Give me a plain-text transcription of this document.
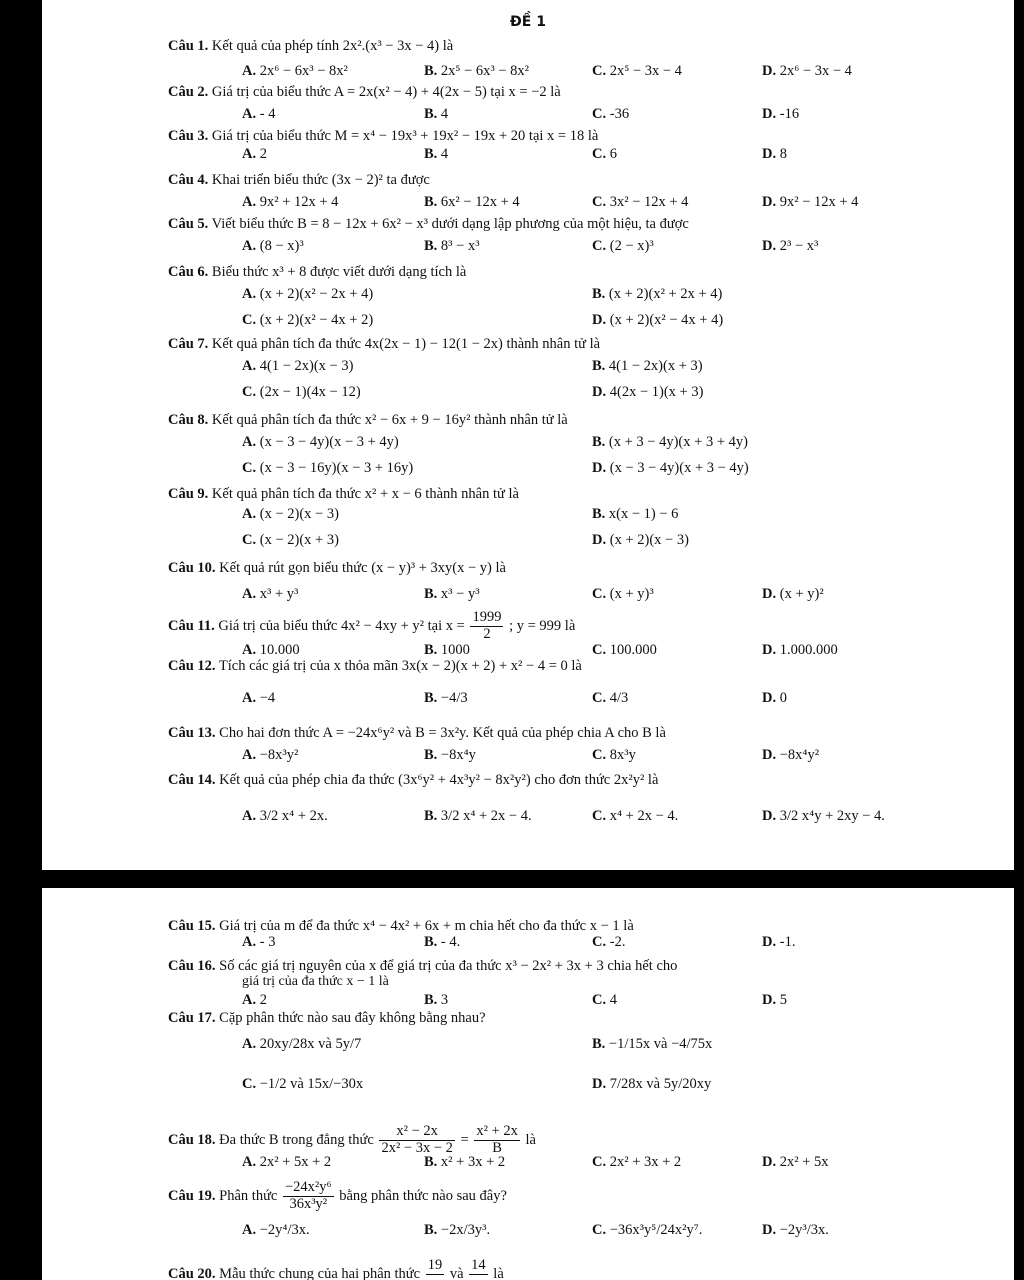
ĐỀ 1
Câu 1. Kết quả của phép tính 2x².(x³ − 3x − 4) là
A. 2x⁶ − 6x³ − 8x²	B. 2x⁵ − 6x³ − 8x²	C. 2x⁵ − 3x − 4	D. 2x⁶ − 3x − 4
Câu 2. Giá trị của biểu thức A = 2x(x² − 4) + 4(2x − 5) tại x = −2 là
A. - 4	B. 4	C. -36	D. -16
Câu 3. Giá trị của biểu thức M = x⁴ − 19x³ + 19x² − 19x + 20 tại x = 18 là
A. 2	B. 4	C. 6	D. 8
Câu 4. Khai triển biểu thức (3x − 2)² ta được
A. 9x² + 12x + 4	B. 6x² − 12x + 4	C. 3x² − 12x + 4	D. 9x² − 12x + 4
Câu 5. Viết biểu thức B = 8 − 12x + 6x² − x³ dưới dạng lập phương của một hiệu, ta được
A. (8 − x)³	B. 8³ − x³	C. (2 − x)³	D. 2³ − x³
Câu 6. Biểu thức x³ + 8 được viết dưới dạng tích là
A. (x + 2)(x² − 2x + 4)	B. (x + 2)(x² + 2x + 4)
C. (x + 2)(x² − 4x + 2)	D. (x + 2)(x² − 4x + 4)
Câu 7. Kết quả phân tích đa thức 4x(2x − 1) − 12(1 − 2x) thành nhân tử là
A. 4(1 − 2x)(x − 3)	B. 4(1 − 2x)(x + 3)
C. (2x − 1)(4x − 12)	D. 4(2x − 1)(x + 3)
Câu 8. Kết quả phân tích đa thức x² − 6x + 9 − 16y² thành nhân tử là
A. (x − 3 − 4y)(x − 3 + 4y)	B. (x + 3 − 4y)(x + 3 + 4y)
C. (x − 3 − 16y)(x − 3 + 16y)	D. (x − 3 − 4y)(x + 3 − 4y)
Câu 9. Kết quả phân tích đa thức x² + x − 6 thành nhân tử là
A. (x − 2)(x − 3)	B. x(x − 1) − 6
C. (x − 2)(x + 3)	D. (x + 2)(x − 3)
Câu 10. Kết quả rút gọn biểu thức (x − y)³ + 3xy(x − y) là
A. x³ + y³	B. x³ − y³	C. (x + y)³	D. (x + y)²
Câu 11. Giá trị của biểu thức 4x² − 4xy + y² tại $x = \frac{1999}{2}$ ; y = 999 là
A. 10.000	B. 1000	C. 100.000	D. 1.000.000
Câu 12. Tích các giá trị của x thỏa mãn 3x(x − 2)(x + 2) + x² − 4 = 0 là
A. −4	B. −4/3	C. 4/3	D. 0
Câu 13. Cho hai đơn thức A = −24x⁶y² và B = 3x²y. Kết quả của phép chia A cho B là
A. −8x³y²	B. −8x⁴y	C. 8x³y	D. −8x⁴y²
Câu 14. Kết quả của phép chia đa thức (3x⁶y² + 4x³y² − 8x²y²) cho đơn thức 2x²y² là
A. 3/2 x⁴ + 2x.	B. 3/2 x⁴ + 2x − 4.	C. x⁴ + 2x − 4.	D. 3/2 x⁴y + 2xy − 4.
Câu 15. Giá trị của m để đa thức x⁴ − 4x² + 6x + m chia hết cho đa thức x − 1 là
A. - 3	B. - 4.	C. -2.	D. -1.
Câu 16. Số các giá trị nguyên của x để giá trị của đa thức x³ − 2x² + 3x + 3 chia hết cho
giá trị của đa thức x − 1 là
A. 2	B. 3	C. 4	D. 5
Câu 17. Cặp phân thức nào sau đây không bằng nhau?
A. 20xy/28x và 5y/7	B. −1/15x và −4/75x
C. −1/2 và 15x/−30x	D. 7/28x và 5y/20xy
Câu 18. Đa thức B trong đẳng thức $\frac{\text{x² − 2x}}{\text{2x² − 3x − 2}} = \frac{\text{x² + 2x}}{B}$ là
A. 2x² + 5x + 2	B. x² + 3x + 2	C. 2x² + 3x + 2	D. 2x² + 5x
Câu 19. Phân thức $\frac{\text{−24x²y⁶}}{\text{36x³y²}}$ bằng phân thức nào sau đây?
A. −2y⁴/3x.	B. −2x/3y³.	C. −36x³y⁵/24x²y⁷.	D. −2y³/3x.
Câu 20. Mẫu thức chung của hai phân thức
19

và
14

là
